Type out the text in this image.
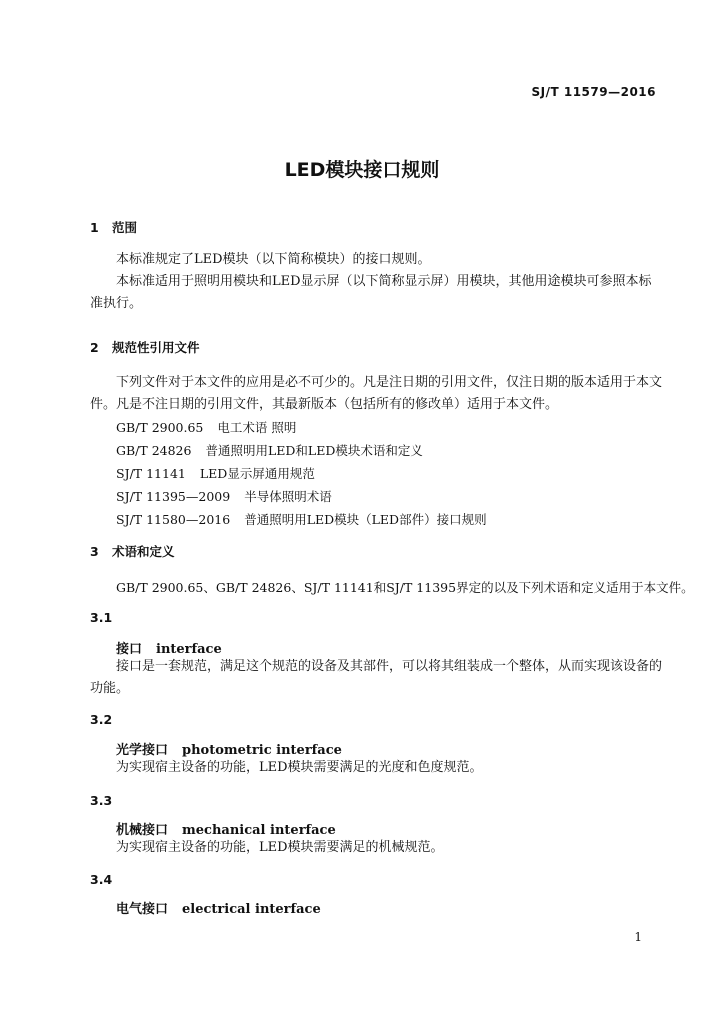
SJ/T 11579—2016
LED模块接口规则
1 范围
本标准规定了LED模块（以下简称模块）的接口规则。
本标准适用于照明用模块和LED显示屏（以下简称显示屏）用模块，其他用途模块可参照本标准执行。
2 规范性引用文件
下列文件对于本文件的应用是必不可少的。凡是注日期的引用文件，仅注日期的版本适用于本文件。凡是不注日期的引用文件，其最新版本（包括所有的修改单）适用于本文件。
GB/T 2900.65 电工术语 照明
GB/T 24826 普通照明用LED和LED模块术语和定义
SJ/T 11141 LED显示屏通用规范
SJ/T 11395—2009 半导体照明术语
SJ/T 11580—2016 普通照明用LED模块（LED部件）接口规则
3 术语和定义
GB/T 2900.65、GB/T 24826、SJ/T 11141和SJ/T 11395界定的以及下列术语和定义适用于本文件。
3.1
接口 interface
接口是一套规范，满足这个规范的设备及其部件，可以将其组装成一个整体，从而实现该设备的功能。
3.2
光学接口 photometric interface
为实现宿主设备的功能，LED模块需要满足的光度和色度规范。
3.3
机械接口 mechanical interface
为实现宿主设备的功能，LED模块需要满足的机械规范。
3.4
电气接口 electrical interface
1
